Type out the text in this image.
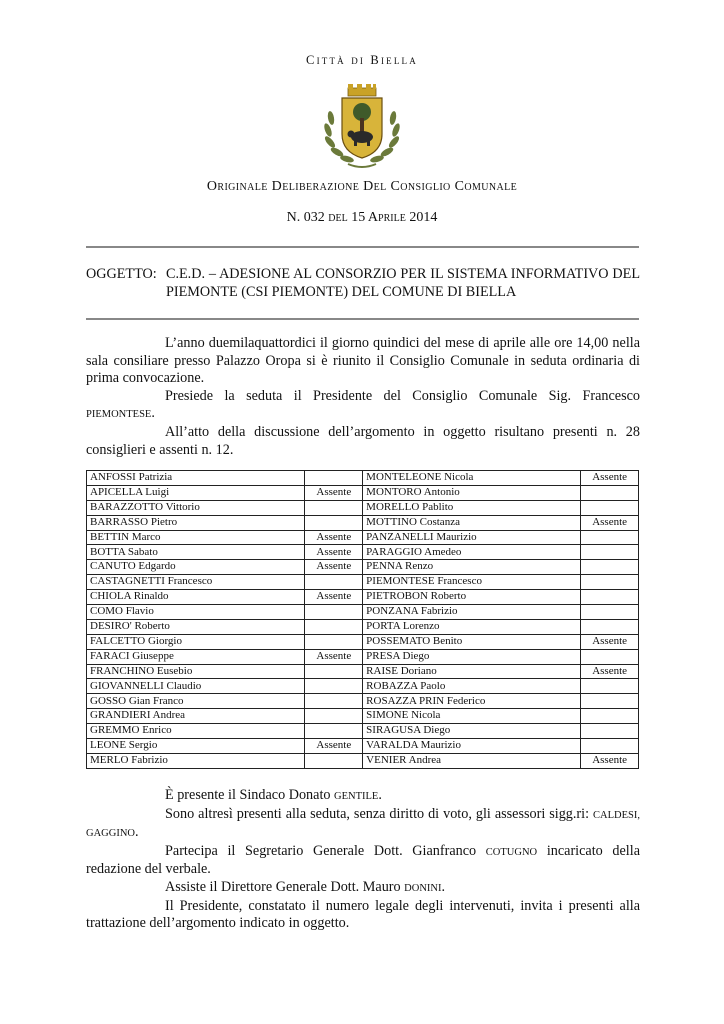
Città di Biella
Originale Deliberazione Del Consiglio Comunale
N. 032 del 15 Aprile 2014
OGGETTO: C.E.D. – ADESIONE AL CONSORZIO PER IL SISTEMA INFORMATIVO DEL PIEMONTE (CSI PIEMONTE) DEL COMUNE DI BIELLA

L’anno duemilaquattordici il giorno quindici del mese di aprile alle ore 14,00 nella sala consiliare presso Palazzo Oropa si è riunito il Consiglio Comunale in seduta ordinaria di prima convocazione.

Presiede la seduta il Presidente del Consiglio Comunale Sig. Francesco PIEMONTESE.

All’atto della discussione dell’argomento in oggetto risultano presenti n. 28 consiglieri e assenti n. 12.

ANFOSSI Patrizia		MONTELEONE Nicola	Assente
APICELLA Luigi	Assente	MONTORO Antonio	
BARAZZOTTO Vittorio		MORELLO Pablito	
BARRASSO Pietro		MOTTINO Costanza	Assente
BETTIN Marco	Assente	PANZANELLI Maurizio	
BOTTA Sabato	Assente	PARAGGIO Amedeo	
CANUTO Edgardo	Assente	PENNA Renzo	
CASTAGNETTI Francesco		PIEMONTESE Francesco	
CHIOLA Rinaldo	Assente	PIETROBON Roberto	
COMO Flavio		PONZANA Fabrizio	
DESIRO' Roberto		PORTA Lorenzo	
FALCETTO Giorgio		POSSEMATO Benito	Assente
FARACI Giuseppe	Assente	PRESA Diego	
FRANCHINO Eusebio		RAISE Doriano	Assente
GIOVANNELLI Claudio		ROBAZZA Paolo	
GOSSO Gian Franco		ROSAZZA PRIN Federico	
GRANDIERI Andrea		SIMONE Nicola	
GREMMO Enrico		SIRAGUSA Diego	
LEONE Sergio	Assente	VARALDA Maurizio	
MERLO Fabrizio		VENIER Andrea	Assente

È presente il Sindaco Donato GENTILE.

Sono altresì presenti alla seduta, senza diritto di voto, gli assessori sigg.ri: CALDESI, GAGGINO.

Partecipa il Segretario Generale Dott. Gianfranco COTUGNO incaricato della redazione del verbale.

Assiste il Direttore Generale Dott. Mauro DONINI.

Il Presidente, constatato il numero legale degli intervenuti, invita i presenti alla trattazione dell’argomento indicato in oggetto.
